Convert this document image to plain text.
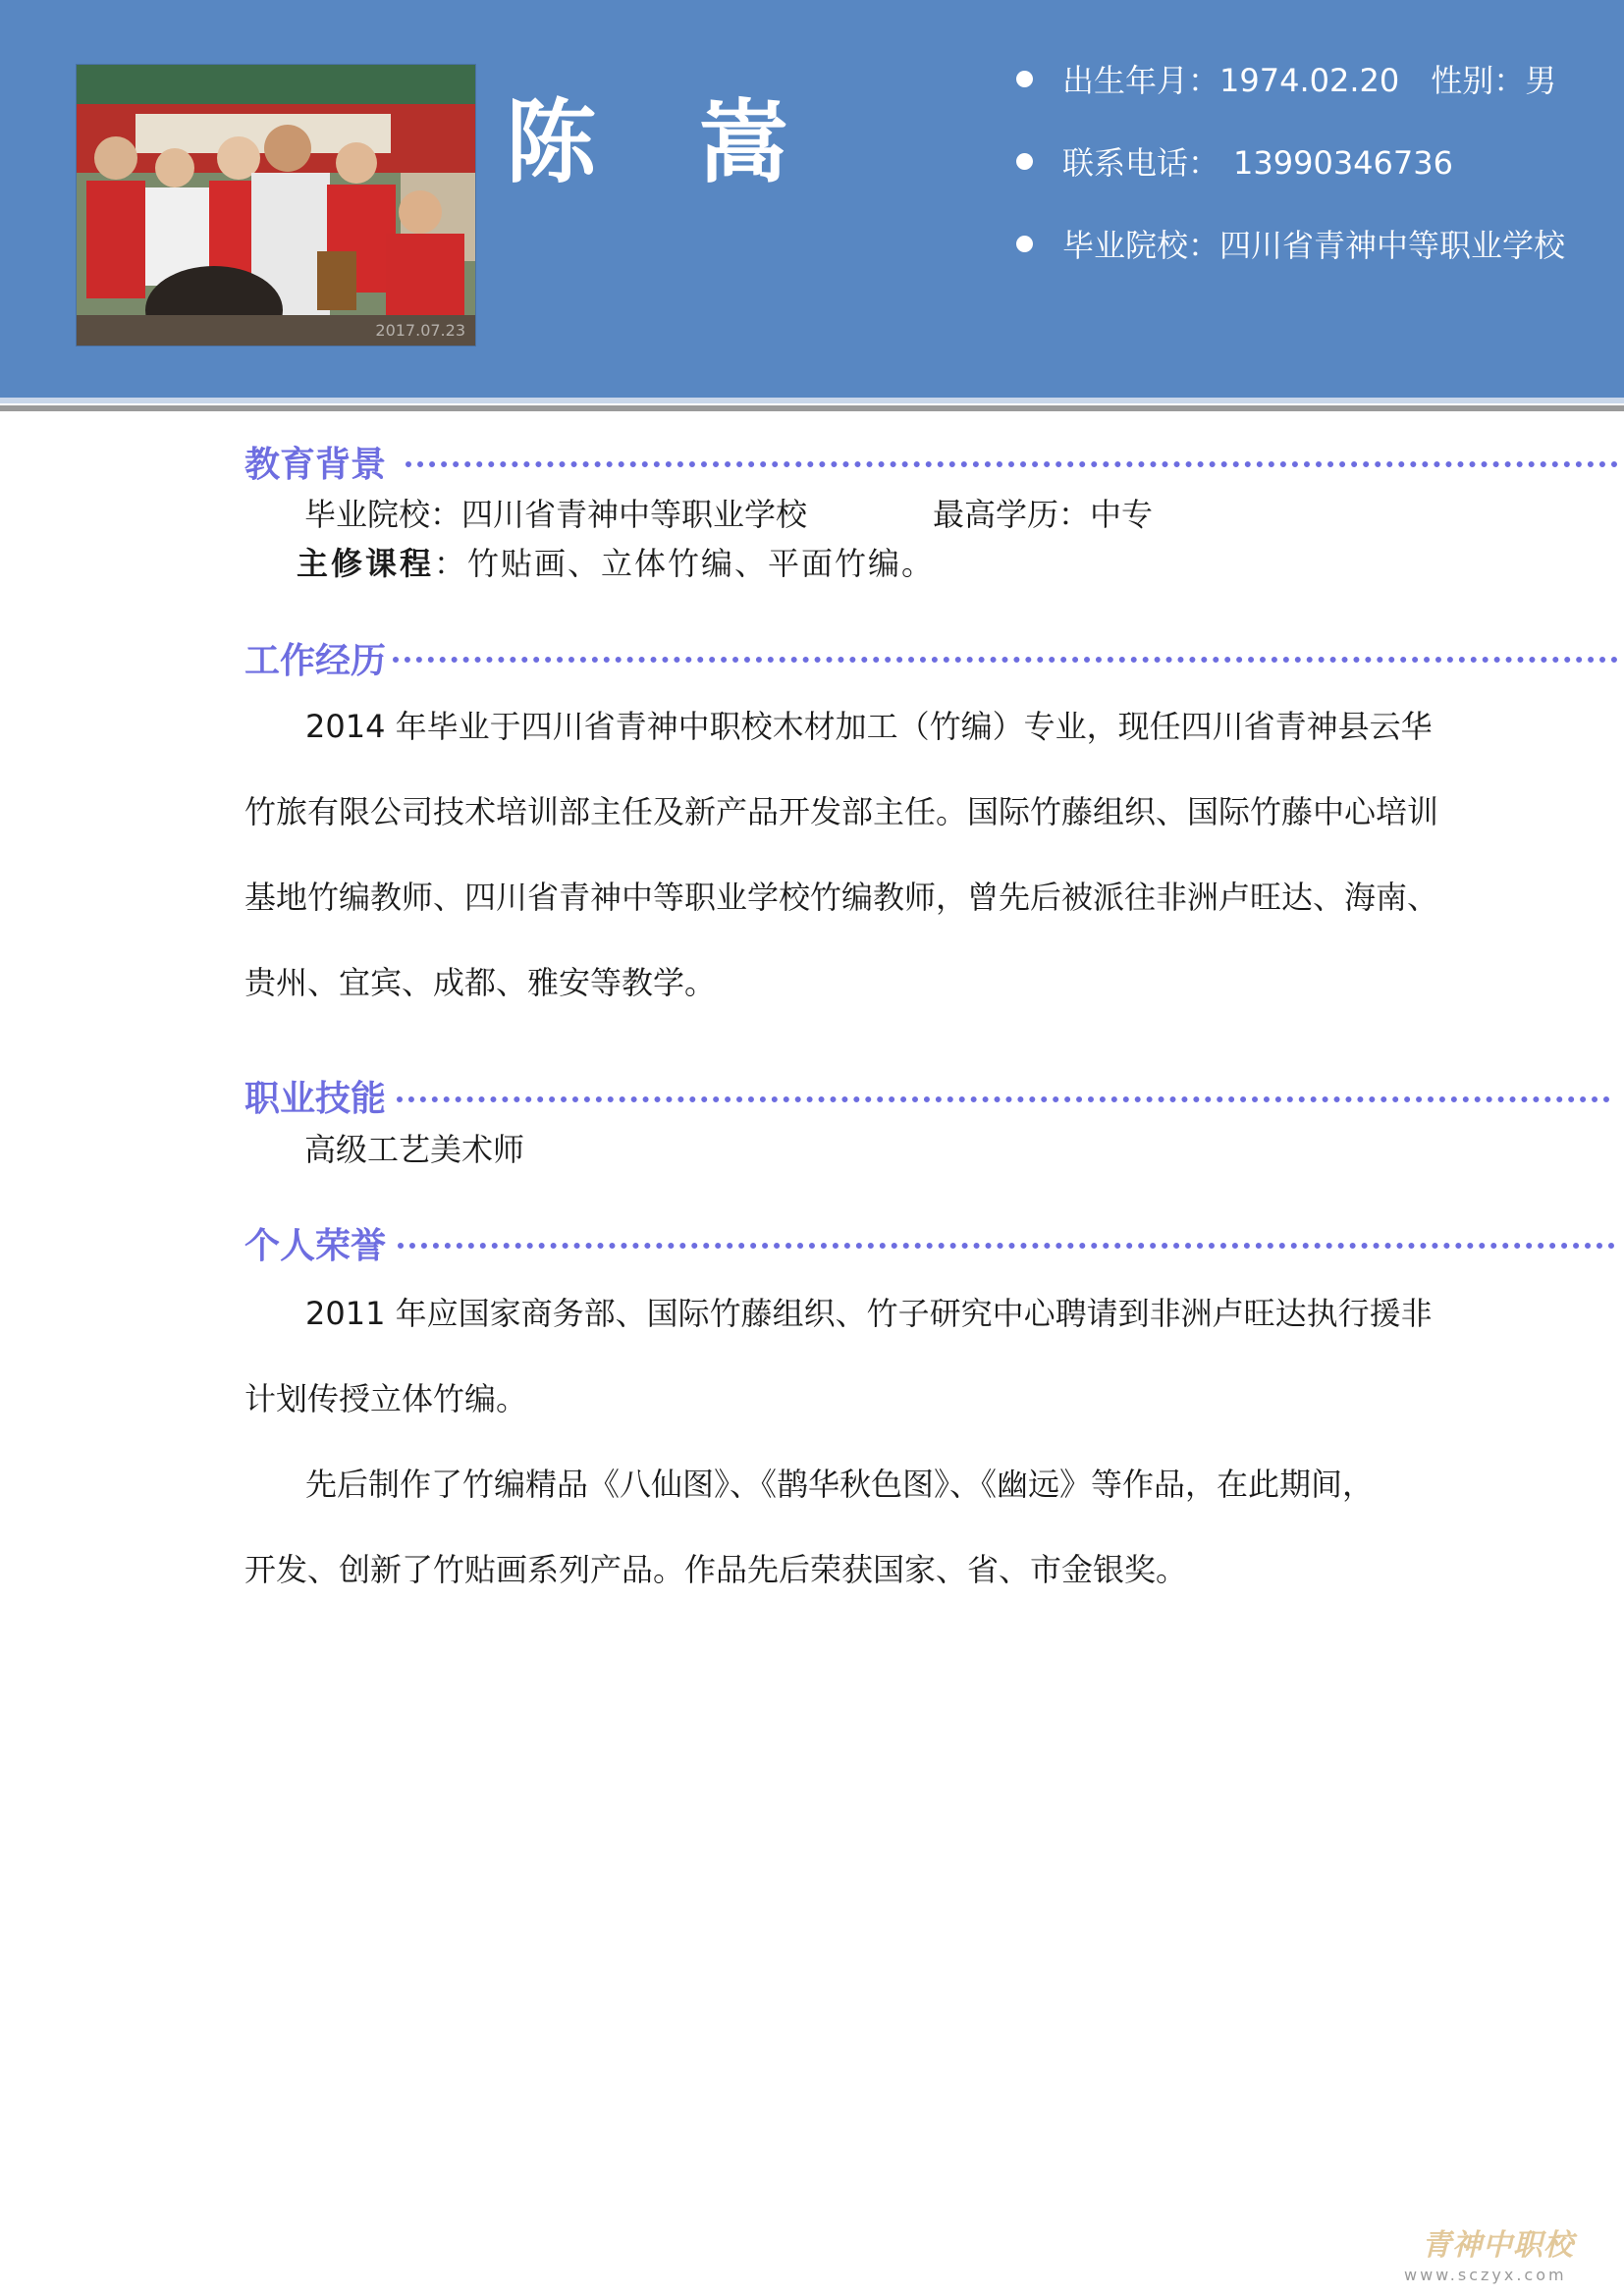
2017.07.23
陈 嵩
出生年月：1974.02.20 性别：男
联系电话： 13990346736
毕业院校：四川省青神中等职业学校
教育背景
毕业院校：四川省青神中等职业学校	最高学历：中专
主修课程：竹贴画、立体竹编、平面竹编。
工作经历
2014 年毕业于四川省青神中职校木材加工（竹编）专业，现任四川省青神县云华
竹旅有限公司技术培训部主任及新产品开发部主任。国际竹藤组织、国际竹藤中心培训
基地竹编教师、四川省青神中等职业学校竹编教师，曾先后被派往非洲卢旺达、海南、
贵州、宜宾、成都、雅安等教学。
职业技能
高级工艺美术师
个人荣誉
2011 年应国家商务部、国际竹藤组织、竹子研究中心聘请到非洲卢旺达执行援非
计划传授立体竹编。
先后制作了竹编精品《八仙图》、《鹊华秋色图》、《幽远》等作品，在此期间，
开发、创新了竹贴画系列产品。作品先后荣获国家、省、市金银奖。
青神中职校
www.sczyx.com
